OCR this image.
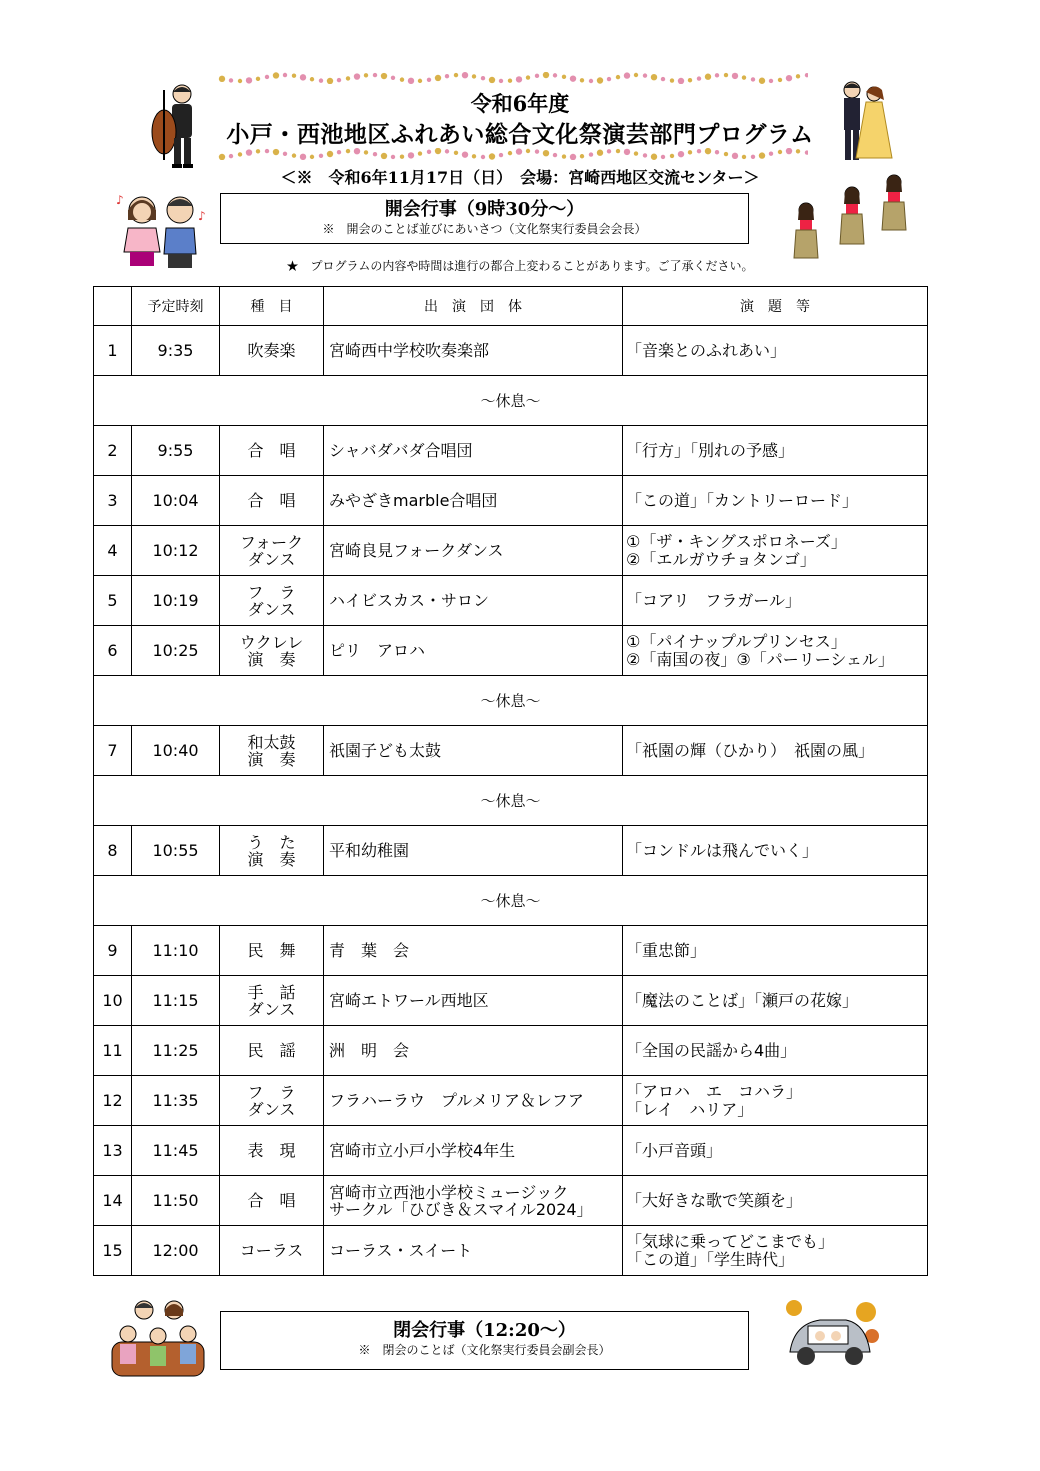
令和6年度
小戸・西池地区ふれあい総合文化祭演芸部門プログラム
＜※　令和6年11月17日（日）　会場：宮崎西地区交流センター＞
開会行事（9時30分～）
※　開会のことば並びにあいさつ（文化祭実行委員会会長）
★　プログラムの内容や時間は進行の都合上変わることがあります。ご了承ください。
♪
♪
	予定時刻	種　目	出　演　団　体	演　題　等
1	9:35	吹奏楽	宮崎西中学校吹奏楽部	「音楽とのふれあい」

～休息～				
2	9:55	合　唱	シャバダバダ合唱団	「行方」「別れの予感」

3	10:04	合　唱	みやざきmarble合唱団	「この道」「カントリーロード」

4	10:12	フォーク
ダンス	宮崎良見フォークダンス	①「ザ・キングスポロネーズ」
②「エルガウチョタンゴ」

5	10:19	フ　ラ
ダンス	ハイビスカス・サロン	「コアリ　フラガール」

6	10:25	ウクレレ
演　奏	ピリ　アロハ	①「パイナップルプリンセス」
②「南国の夜」③「パーリーシェル」

～休息～				
7	10:40	和太鼓
演　奏	祇園子ども太鼓	「祇園の輝（ひかり）　祇園の風」

～休息～				
8	10:55	う　た
演　奏	平和幼稚園	「コンドルは飛んでいく」

～休息～				
9	11:10	民　舞	青　葉　会	「重忠節」

10	11:15	手　話
ダンス	宮崎エトワール西地区	「魔法のことば」「瀬戸の花嫁」

11	11:25	民　謡	洲　明　会	「全国の民謡から4曲」

12	11:35	フ　ラ
ダンス	フラハーラウ　プルメリア＆レフア	「アロハ　エ　コハラ」
「レイ　ハリア」

13	11:45	表　現	宮崎市立小戸小学校4年生	「小戸音頭」

14	11:50	合　唱	宮崎市立西池小学校ミュージック
サークル「ひびき＆スマイル2024」	「大好きな歌で笑顔を」

15	12:00	コーラス	コーラス・スイート	「気球に乗ってどこまでも」
「この道」「学生時代」
閉会行事（12:20～）
※　閉会のことば（文化祭実行委員会副会長）
